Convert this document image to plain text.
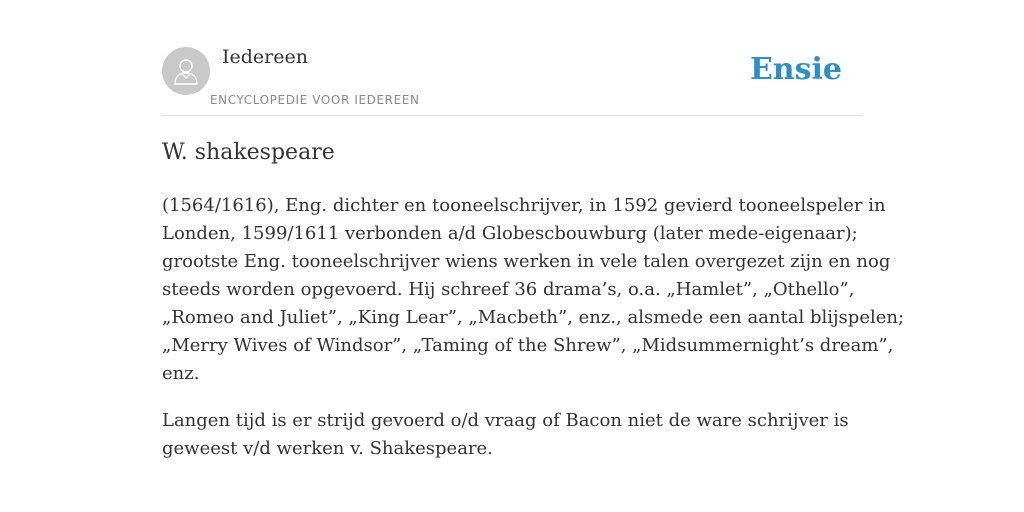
Iedereen
ENCYCLOPEDIE VOOR IEDEREEN
Ensie
W. shakespeare

(1564/1616), Eng. dichter en tooneelschrijver, in 1592 gevierd tooneelspeler in
Londen, 1599/1611 verbonden a/d Globescbouwburg (later mede-eigenaar);
grootste Eng. tooneelschrijver wiens werken in vele talen overgezet zijn en nog
steeds worden opgevoerd. Hij schreef 36 drama’s, o.a. „Hamlet”, „Othello”,
„Romeo and Juliet”, „King Lear”, „Macbeth”, enz., alsmede een aantal blijspelen;
„Merry Wives of Windsor”, „Taming of the Shrew”, „Midsummernight’s dream”,
enz.

Langen tijd is er strijd gevoerd o/d vraag of Bacon niet de ware schrijver is
geweest v/d werken v. Shakespeare.
